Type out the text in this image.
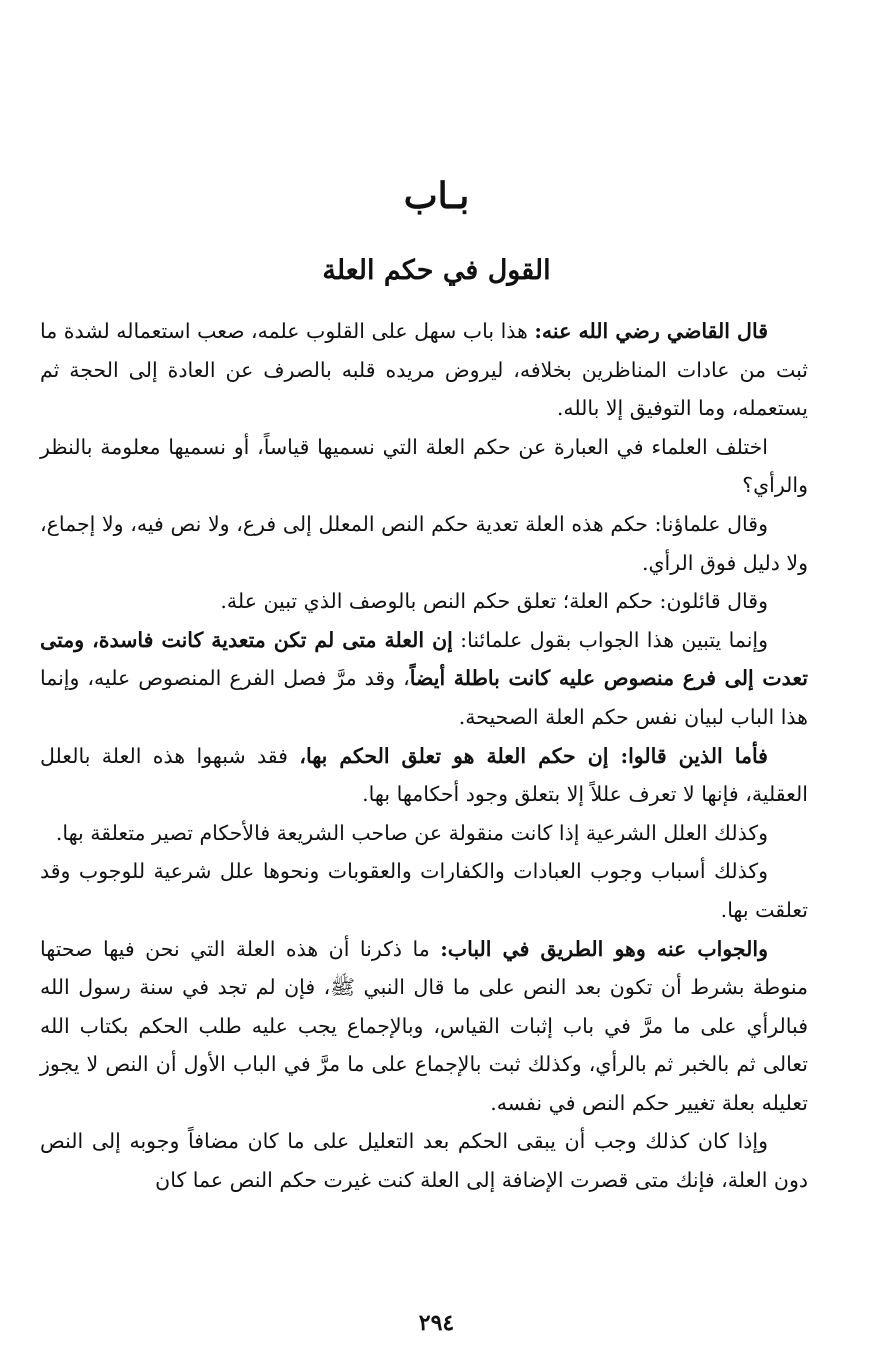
بـاب
القول في حكم العلة

قال القاضي رضي الله عنه: هذا باب سهل على القلوب علمه، صعب استعماله لشدة ما ثبت من عادات المناظرين بخلافه، ليروض مريده قلبه بالصرف عن العادة إلى الحجة ثم يستعمله، وما التوفيق إلا بالله.

اختلف العلماء في العبارة عن حكم العلة التي نسميها قياساً، أو نسميها معلومة بالنظر والرأي؟

وقال علماؤنا: حكم هذه العلة تعدية حكم النص المعلل إلى فرع، ولا نص فيه، ولا إجماع، ولا دليل فوق الرأي.

وقال قائلون: حكم العلة؛ تعلق حكم النص بالوصف الذي تبين علة.

وإنما يتبين هذا الجواب بقول علمائنا: إن العلة متى لم تكن متعدية كانت فاسدة، ومتى تعدت إلى فرع منصوص عليه كانت باطلة أيضاً، وقد مرَّ فصل الفرع المنصوص عليه، وإنما هذا الباب لبيان نفس حكم العلة الصحيحة.

فأما الذين قالوا: إن حكم العلة هو تعلق الحكم بها، فقد شبهوا هذه العلة بالعلل العقلية، فإنها لا تعرف عللاً إلا بتعلق وجود أحكامها بها.

وكذلك العلل الشرعية إذا كانت منقولة عن صاحب الشريعة فالأحكام تصير متعلقة بها.

وكذلك أسباب وجوب العبادات والكفارات والعقوبات ونحوها علل شرعية للوجوب وقد تعلقت بها.

والجواب عنه وهو الطريق في الباب: ما ذكرنا أن هذه العلة التي نحن فيها صحتها منوطة بشرط أن تكون بعد النص على ما قال النبي ﷺ، فإن لم تجد في سنة رسول الله فبالرأي على ما مرَّ في باب إثبات القياس، وبالإجماع يجب عليه طلب الحكم بكتاب الله تعالى ثم بالخبر ثم بالرأي، وكذلك ثبت بالإجماع على ما مرَّ في الباب الأول أن النص لا يجوز تعليله بعلة تغيير حكم النص في نفسه.

وإذا كان كذلك وجب أن يبقى الحكم بعد التعليل على ما كان مضافاً وجوبه إلى النص دون العلة، فإنك متى قصرت الإضافة إلى العلة كنت غيرت حكم النص عما كان

٢٩٤
